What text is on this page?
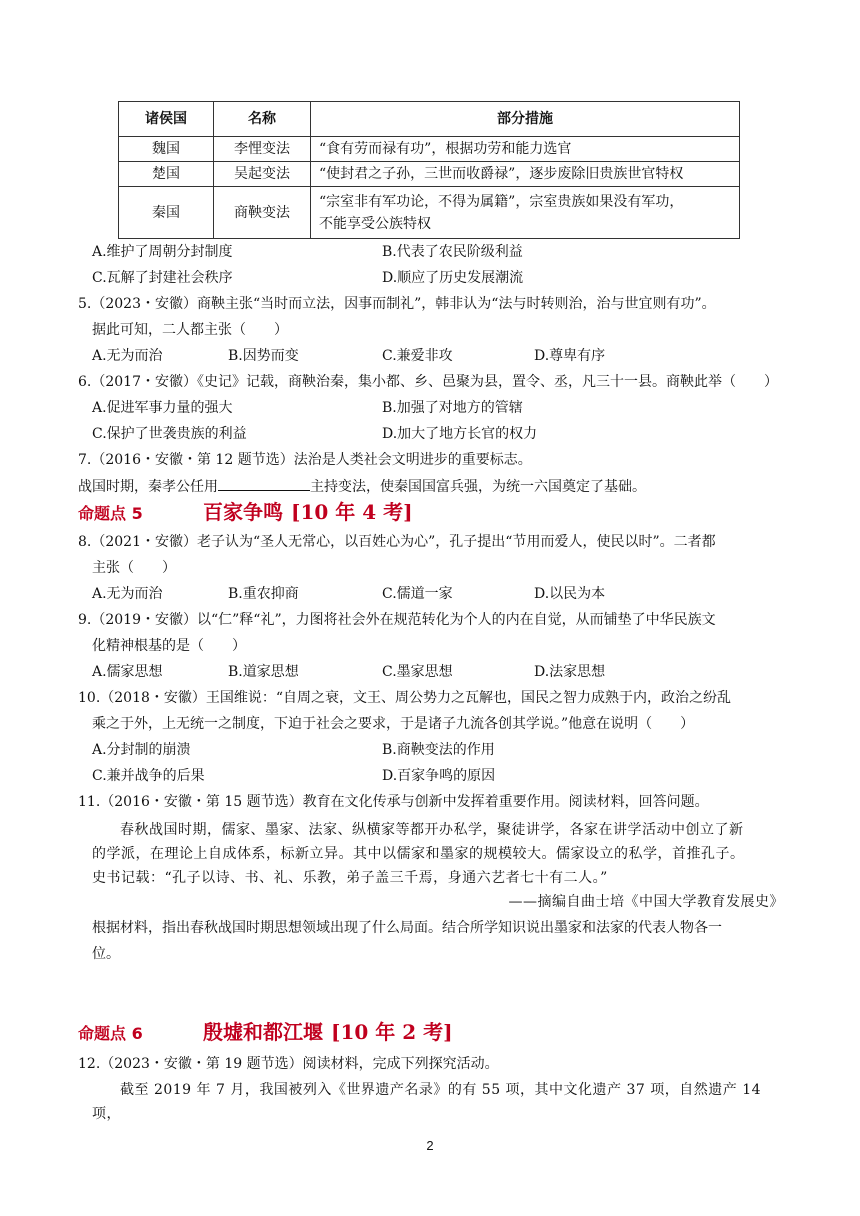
诸侯国	名称	部分措施
魏国	李悝变法	“食有劳而禄有功”，根据功劳和能力选官
楚国	吴起变法	“使封君之子孙，三世而收爵禄”，逐步废除旧贵族世官特权
秦国	商鞅变法	“宗室非有军功论，不得为属籍”，宗室贵族如果没有军功，
不能享受公族特权
A.维护了周朝分封制度	B.代表了农民阶级利益
C.瓦解了封建社会秩序	D.顺应了历史发展潮流
5.（2023・安徽）商鞅主张“当时而立法，因事而制礼”，韩非认为“法与时转则治，治与世宜则有功”。
据此可知，二人都主张（　　）
A.无为而治	B.因势而变	C.兼爱非攻	D.尊卑有序
6.（2017・安徽）《史记》记载，商鞅治秦，集小都、乡、邑聚为县，置令、丞，凡三十一县。商鞅此举（　　）
A.促进军事力量的强大	B.加强了对地方的管辖
C.保护了世袭贵族的利益	D.加大了地方长官的权力
7.（2016・安徽・第 12 题节选）法治是人类社会文明进步的重要标志。
战国时期，秦孝公任用	主持变法，使秦国国富兵强，为统一六国奠定了基础。
命题点 5	百家争鸣 [10 年 4 考]
8.（2021・安徽）老子认为“圣人无常心，以百姓心为心”，孔子提出“节用而爱人，使民以时”。二者都
主张（　　）
A.无为而治	B.重农抑商	C.儒道一家	D.以民为本
9.（2019・安徽）以“仁”释“礼”，力图将社会外在规范转化为个人的内在自觉，从而铺垫了中华民族文
化精神根基的是（　　）
A.儒家思想	B.道家思想	C.墨家思想	D.法家思想
10.（2018・安徽）王国维说：“自周之衰，文王、周公势力之瓦解也，国民之智力成熟于内，政治之纷乱
乘之于外，上无统一之制度，下迫于社会之要求，于是诸子九流各创其学说。”他意在说明（　　）
A.分封制的崩溃	B.商鞅变法的作用
C.兼并战争的后果	D.百家争鸣的原因
11.（2016・安徽・第 15 题节选）教育在文化传承与创新中发挥着重要作用。阅读材料，回答问题。
春秋战国时期，儒家、墨家、法家、纵横家等都开办私学，聚徒讲学，各家在讲学活动中创立了新
的学派，在理论上自成体系，标新立异。其中以儒家和墨家的规模较大。儒家设立的私学，首推孔子。
史书记载：“孔子以诗、书、礼、乐教，弟子盖三千焉，身通六艺者七十有二人。”
——摘编自曲士培《中国大学教育发展史》
根据材料，指出春秋战国时期思想领域出现了什么局面。结合所学知识说出墨家和法家的代表人物各一
位。
命题点 6	殷墟和都江堰 [10 年 2 考]
12.（2023・安徽・第 19 题节选）阅读材料，完成下列探究活动。
截至 2019 年 7 月，我国被列入《世界遗产名录》的有 55 项，其中文化遗产 37 项，自然遗产 14 项，
2
